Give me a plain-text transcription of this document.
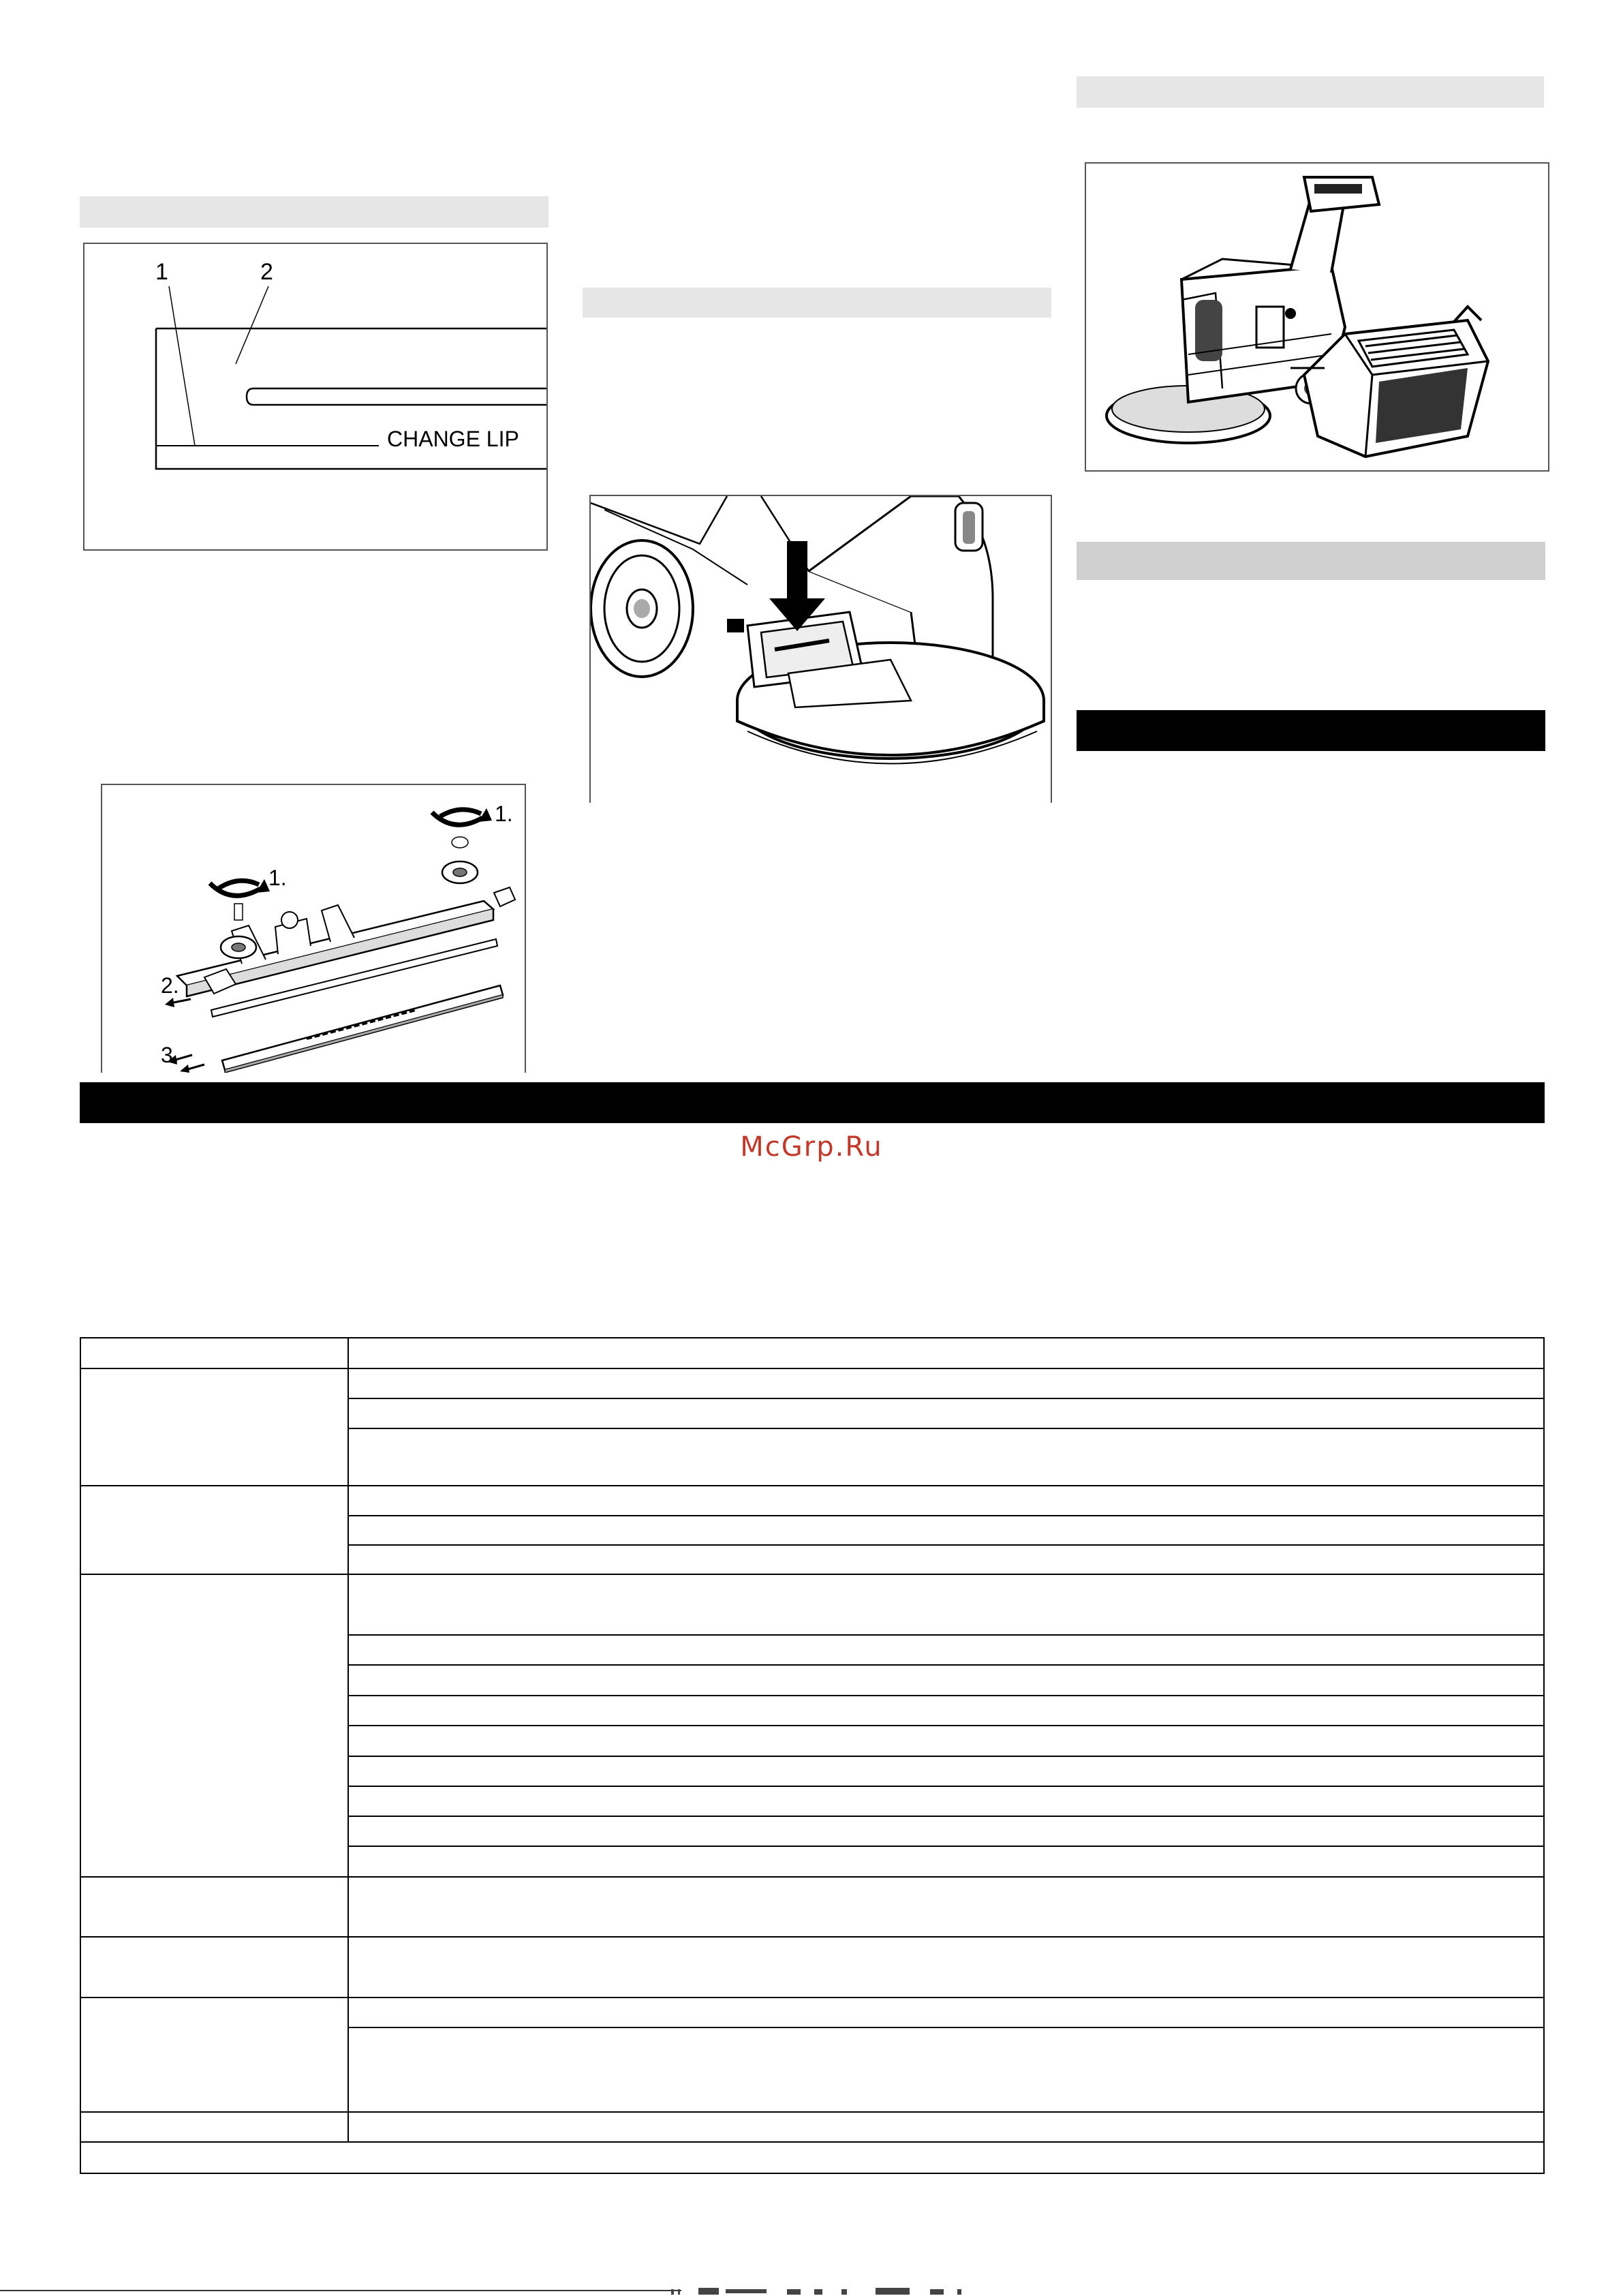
1	2
CHANGE LIP
1.
1.
2.
3.
McGrp.Ru
